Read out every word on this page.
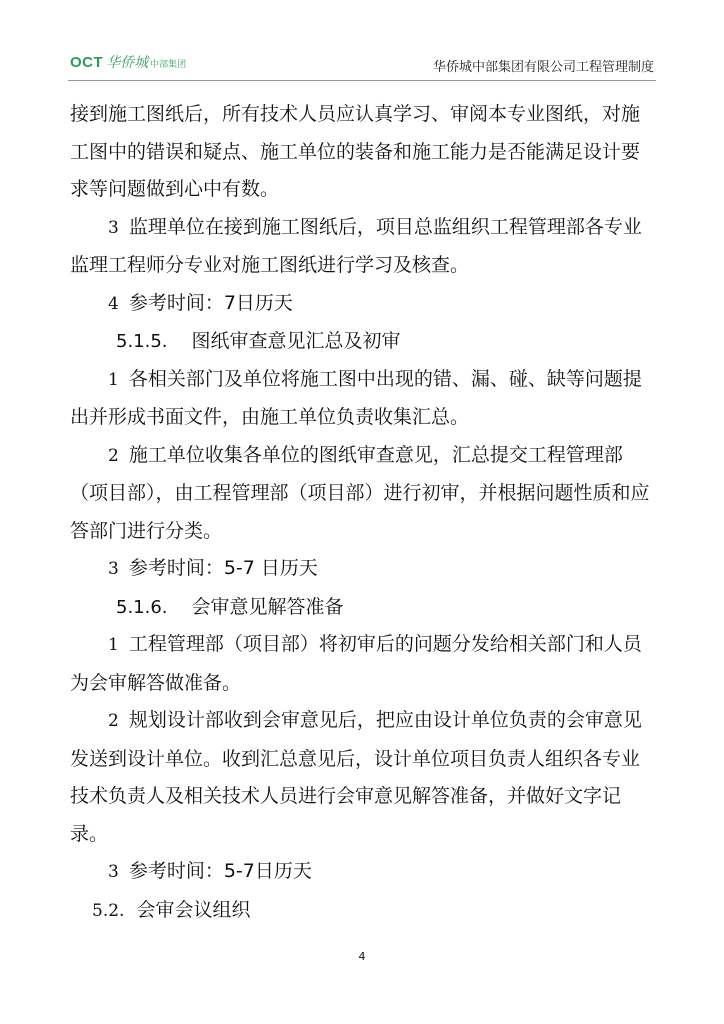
OCT 华侨城 中部集团	华侨城中部集团有限公司工程管理制度

接到施工图纸后，所有技术人员应认真学习、审阅本专业图纸，对施工图中的错误和疑点、施工单位的装备和施工能力是否能满足设计要求等问题做到心中有数。

3 监理单位在接到施工图纸后，项目总监组织工程管理部各专业监理工程师分专业对施工图纸进行学习及核查。

4 参考时间：7日历天

5.1.5. 图纸审查意见汇总及初审

1 各相关部门及单位将施工图中出现的错、漏、碰、缺等问题提出并形成书面文件，由施工单位负责收集汇总。

2 施工单位收集各单位的图纸审查意见，汇总提交工程管理部（项目部），由工程管理部（项目部）进行初审，并根据问题性质和应答部门进行分类。

3 参考时间：5-7 日历天

5.1.6. 会审意见解答准备

1 工程管理部（项目部）将初审后的问题分发给相关部门和人员为会审解答做准备。

2 规划设计部收到会审意见后，把应由设计单位负责的会审意见发送到设计单位。收到汇总意见后，设计单位项目负责人组织各专业技术负责人及相关技术人员进行会审意见解答准备，并做好文字记录。

3 参考时间：5-7日历天

5.2. 会审会议组织

4
